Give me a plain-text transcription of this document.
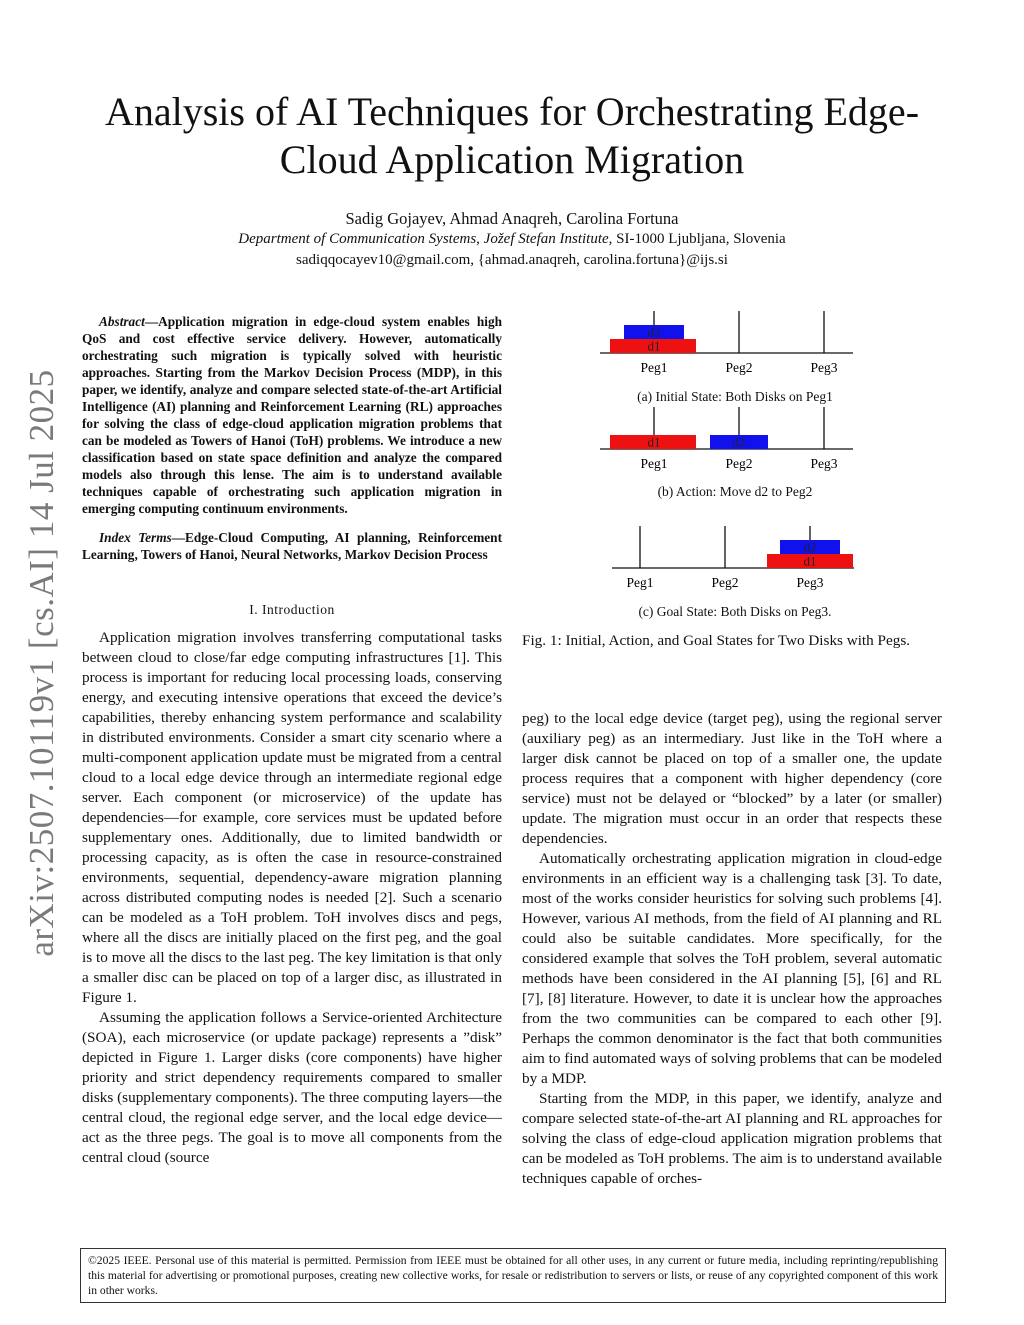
arXiv:2507.10119v1 [cs.AI] 14 Jul 2025
Analysis of AI Techniques for Orchestrating Edge-Cloud Application Migration
Sadig Gojayev, Ahmad Anaqreh, Carolina Fortuna
Department of Communication Systems, Jožef Stefan Institute, SI-1000 Ljubljana, Slovenia
sadiqqocayev10@gmail.com, {ahmad.anaqreh, carolina.fortuna}@ijs.si

Abstract—Application migration in edge-cloud system enables high QoS and cost effective service delivery. However, automatically orchestrating such migration is typically solved with heuristic approaches. Starting from the Markov Decision Process (MDP), in this paper, we identify, analyze and compare selected state-of-the-art Artificial Intelligence (AI) planning and Reinforcement Learning (RL) approaches for solving the class of edge-cloud application migration problems that can be modeled as Towers of Hanoi (ToH) problems. We introduce a new classification based on state space definition and analyze the compared models also through this lense. The aim is to understand available techniques capable of orchestrating such application migration in emerging computing continuum environments.

Index Terms—Edge-Cloud Computing, AI planning, Reinforcement Learning, Towers of Hanoi, Neural Networks, Markov Decision Process

I. Introduction

Application migration involves transferring computational tasks between cloud to close/far edge computing infrastructures [1]. This process is important for reducing local processing loads, conserving energy, and executing intensive operations that exceed the device’s capabilities, thereby enhancing system performance and scalability in distributed environments. Consider a smart city scenario where a multi-component application update must be migrated from a central cloud to a local edge device through an intermediate regional edge server. Each component (or microservice) of the update has dependencies—for example, core services must be updated before supplementary ones. Additionally, due to limited bandwidth or processing capacity, as is often the case in resource-constrained environments, sequential, dependency-aware migration planning across distributed computing nodes is needed [2]. Such a scenario can be modeled as a ToH problem. ToH involves discs and pegs, where all the discs are initially placed on the first peg, and the goal is to move all the discs to the last peg. The key limitation is that only a smaller disc can be placed on top of a larger disc, as illustrated in Figure 1.

Assuming the application follows a Service-oriented Architecture (SOA), each microservice (or update package) represents a ”disk” depicted in Figure 1. Larger disks (core components) have higher priority and strict dependency requirements compared to smaller disks (supplementary components). The three computing layers—the central cloud, the regional edge server, and the local edge device—act as the three pegs. The goal is to move all components from the central cloud (source

d2
d1
Peg1	Peg2	Peg3
(a) Initial State: Both Disks on Peg1
d1	d2
Peg1	Peg2	Peg3
(b) Action: Move d2 to Peg2
d2
d1
Peg1	Peg2	Peg3
(c) Goal State: Both Disks on Peg3.
Fig. 1: Initial, Action, and Goal States for Two Disks with Pegs.

peg) to the local edge device (target peg), using the regional server (auxiliary peg) as an intermediary. Just like in the ToH where a larger disk cannot be placed on top of a smaller one, the update process requires that a component with higher dependency (core service) must not be delayed or “blocked” by a later (or smaller) update. The migration must occur in an order that respects these dependencies.

Automatically orchestrating application migration in cloud-edge environments in an efficient way is a challenging task [3]. To date, most of the works consider heuristics for solving such problems [4]. However, various AI methods, from the field of AI planning and RL could also be suitable candidates. More specifically, for the considered example that solves the ToH problem, several automatic methods have been considered in the AI planning [5], [6] and RL [7], [8] literature. However, to date it is unclear how the approaches from the two communities can be compared to each other [9]. Perhaps the common denominator is the fact that both communities aim to find automated ways of solving problems that can be modeled by a MDP.

Starting from the MDP, in this paper, we identify, analyze and compare selected state-of-the-art AI planning and RL approaches for solving the class of edge-cloud application migration problems that can be modeled as ToH problems. The aim is to understand available techniques capable of orches-

©2025 IEEE. Personal use of this material is permitted. Permission from IEEE must be obtained for all other uses, in any current or future media, including reprinting/republishing this material for advertising or promotional purposes, creating new collective works, for resale or redistribution to servers or lists, or reuse of any copyrighted component of this work in other works.
